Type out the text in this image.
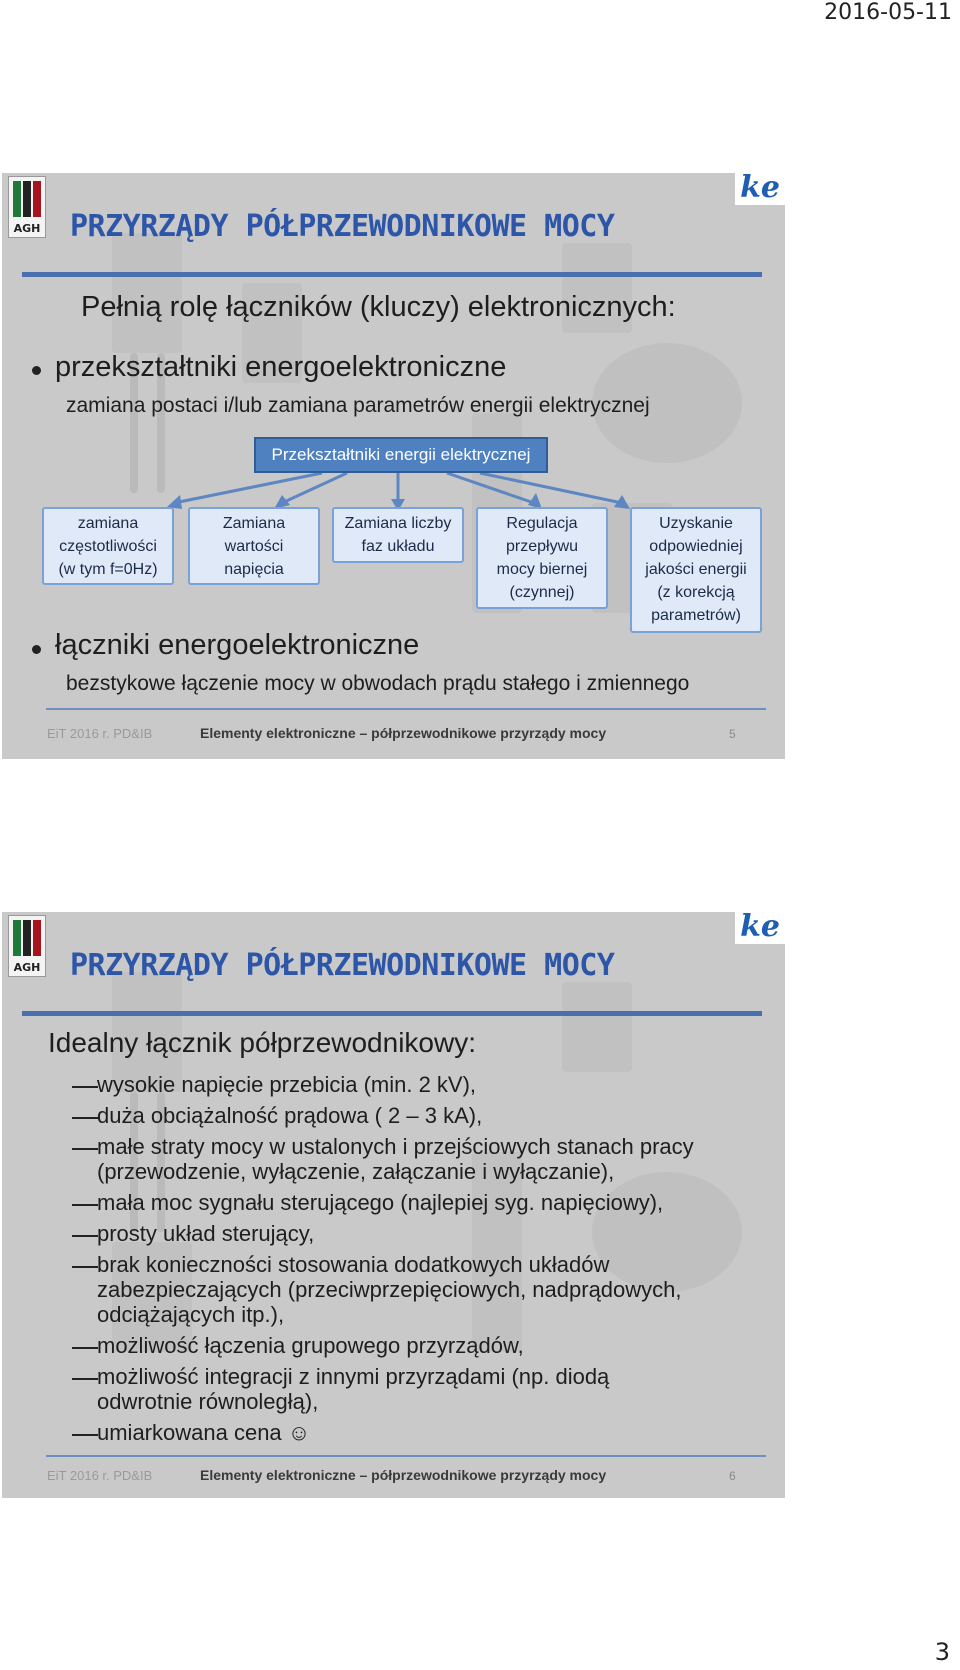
2016-05-11
AGH
ke
PRZYRZĄDY PÓŁPRZEWODNIKOWE MOCY
Pełnią rolę łączników (kluczy) elektronicznych:
przekształtniki energoelektroniczne
zamiana postaci i/lub zamiana parametrów energii elektrycznej
Przekształtniki energii elektrycznej
zamiana
częstotliwości
(w tym f=0Hz)
Zamiana
wartości
napięcia
Zamiana liczby
faz układu
Regulacja
przepływu
mocy biernej
(czynnej)
Uzyskanie
odpowiedniej
jakości energii
(z korekcją
parametrów)
łączniki energoelektroniczne
bezstykowe łączenie mocy w obwodach prądu stałego i zmiennego
EiT 2016 r. PD&IB	Elementy elektroniczne – półprzewodnikowe przyrządy mocy	5
AGH
ke
PRZYRZĄDY PÓŁPRZEWODNIKOWE MOCY
Idealny łącznik półprzewodnikowy:
wysokie napięcie przebicia (min. 2 kV),
duża obciążalność prądowa ( 2 – 3 kA),
małe straty mocy w ustalonych i przejściowych stanach pracy
(przewodzenie, wyłączenie, załączanie i wyłączanie),
mała moc sygnału sterującego (najlepiej syg. napięciowy),
prosty układ sterujący,
brak konieczności stosowania dodatkowych układów
zabezpieczających (przeciwprzepięciowych, nadprądowych,
odciążających itp.),
możliwość łączenia grupowego przyrządów,
możliwość integracji z innymi przyrządami (np. diodą
odwrotnie równoległą),
umiarkowana cena ☺
EiT 2016 r. PD&IB	Elementy elektroniczne – półprzewodnikowe przyrządy mocy	6
3
